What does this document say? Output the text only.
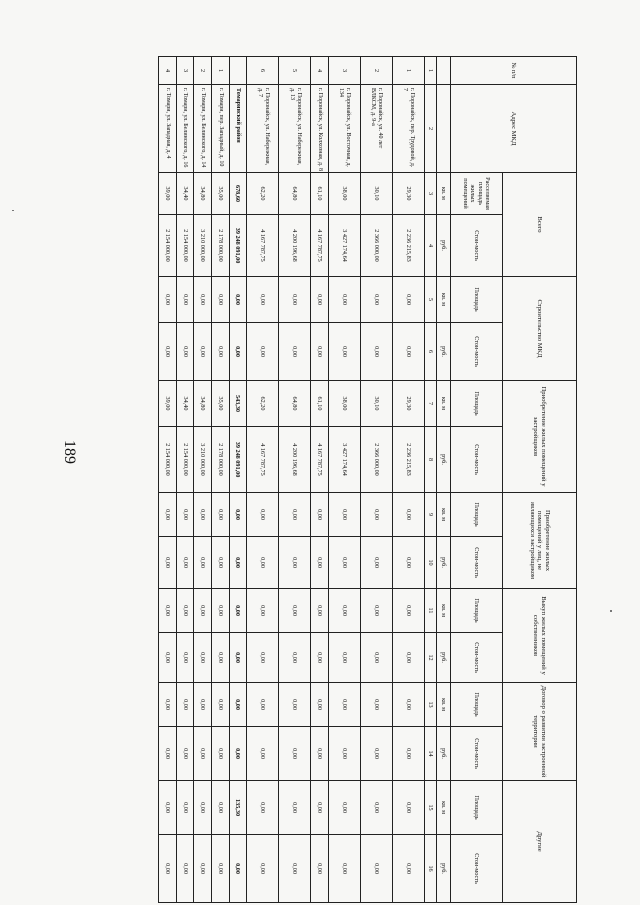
189
№ п/п	Адрес МКД	Всего		Строительство МКД		Приобретение жилых помещений у застройщиков		Приобретение жилых помещений у лиц, не являющихся застройщиком		Выкуп жилых помещений у собственников		Договор о развитии застроенной территории		Другие	
		Расселяемая площадь жилых помещений	Стои-мость	Площадь	Стои-мость	Площадь	Стои-мость	Площадь	Стои-мость	Площадь	Стои-мость	Площадь	Стои-мость	Площадь	Стои-мость
		кв. м	руб.	кв. м	руб.	кв. м	руб.	кв. м	руб.	кв. м	руб.	кв. м	руб.	кв. м	руб.
1	2	3	4	5	6	7	8	9	10	11	12	13	14	15	16
1	г. Поронайск, пер. Трудовой, д. 7	29,30	2 236 215,83	0,00	0,00	29,30	2 236 215,83	0,00	0,00	0,00	0,00	0,00	0,00	0,00	0,00
2	г. Поронайск, ул. 40 лет ВЛКСМ, д. 9-а	30,10	2 366 000,00	0,00	0,00	30,10	2 366 000,00	0,00	0,00	0,00	0,00	0,00	0,00	0,00	0,00
3	г. Поронайск, ул. Восточная, д. 134	38,00	3 427 174,64	0,00	0,00	38,00	3 427 174,64	0,00	0,00	0,00	0,00	0,00	0,00	0,00	0,00
4	г. Поронайск, ул. Колхозная, д. 8	61,10	4 167 787,75	0,00	0,00	61,10	4 167 787,75	0,00	0,00	0,00	0,00	0,00	0,00	0,00	0,00
5	г. Поронайск, ул. Набережная, д. 13	64,80	4 200 196,68	0,00	0,00	64,80	4 200 196,68	0,00	0,00	0,00	0,00	0,00	0,00	0,00	0,00
6	г. Поронайск, ул. Набережная, д. 7	62,20	4 167 787,75	0,00	0,00	62,20	4 167 787,75	0,00	0,00	0,00	0,00	0,00	0,00	0,00	0,00
	Томаринский район	678,60	39 248 091,00	0,00	0,00	543,30	39 248 091,00	0,00	0,00	0,00	0,00	0,00	0,00	135,30	0,00
1	г. Томари, пер. Западный, д. 10	35,00	2 178 000,00	0,00	0,00	35,00	2 178 000,00	0,00	0,00	0,00	0,00	0,00	0,00	0,00	0,00
2	г. Томари, ул. Белинского, д. 14	34,80	3 210 000,00	0,00	0,00	34,80	3 210 000,00	0,00	0,00	0,00	0,00	0,00	0,00	0,00	0,00
3	г. Томари, ул. Белинского, д. 16	34,40	2 154 000,00	0,00	0,00	34,40	2 154 000,00	0,00	0,00	0,00	0,00	0,00	0,00	0,00	0,00
4	г. Томари, ул. Западная, д. 4	39,00	2 154 000,00	0,00	0,00	39,00	2 154 000,00	0,00	0,00	0,00	0,00	0,00	0,00	0,00	0,00
